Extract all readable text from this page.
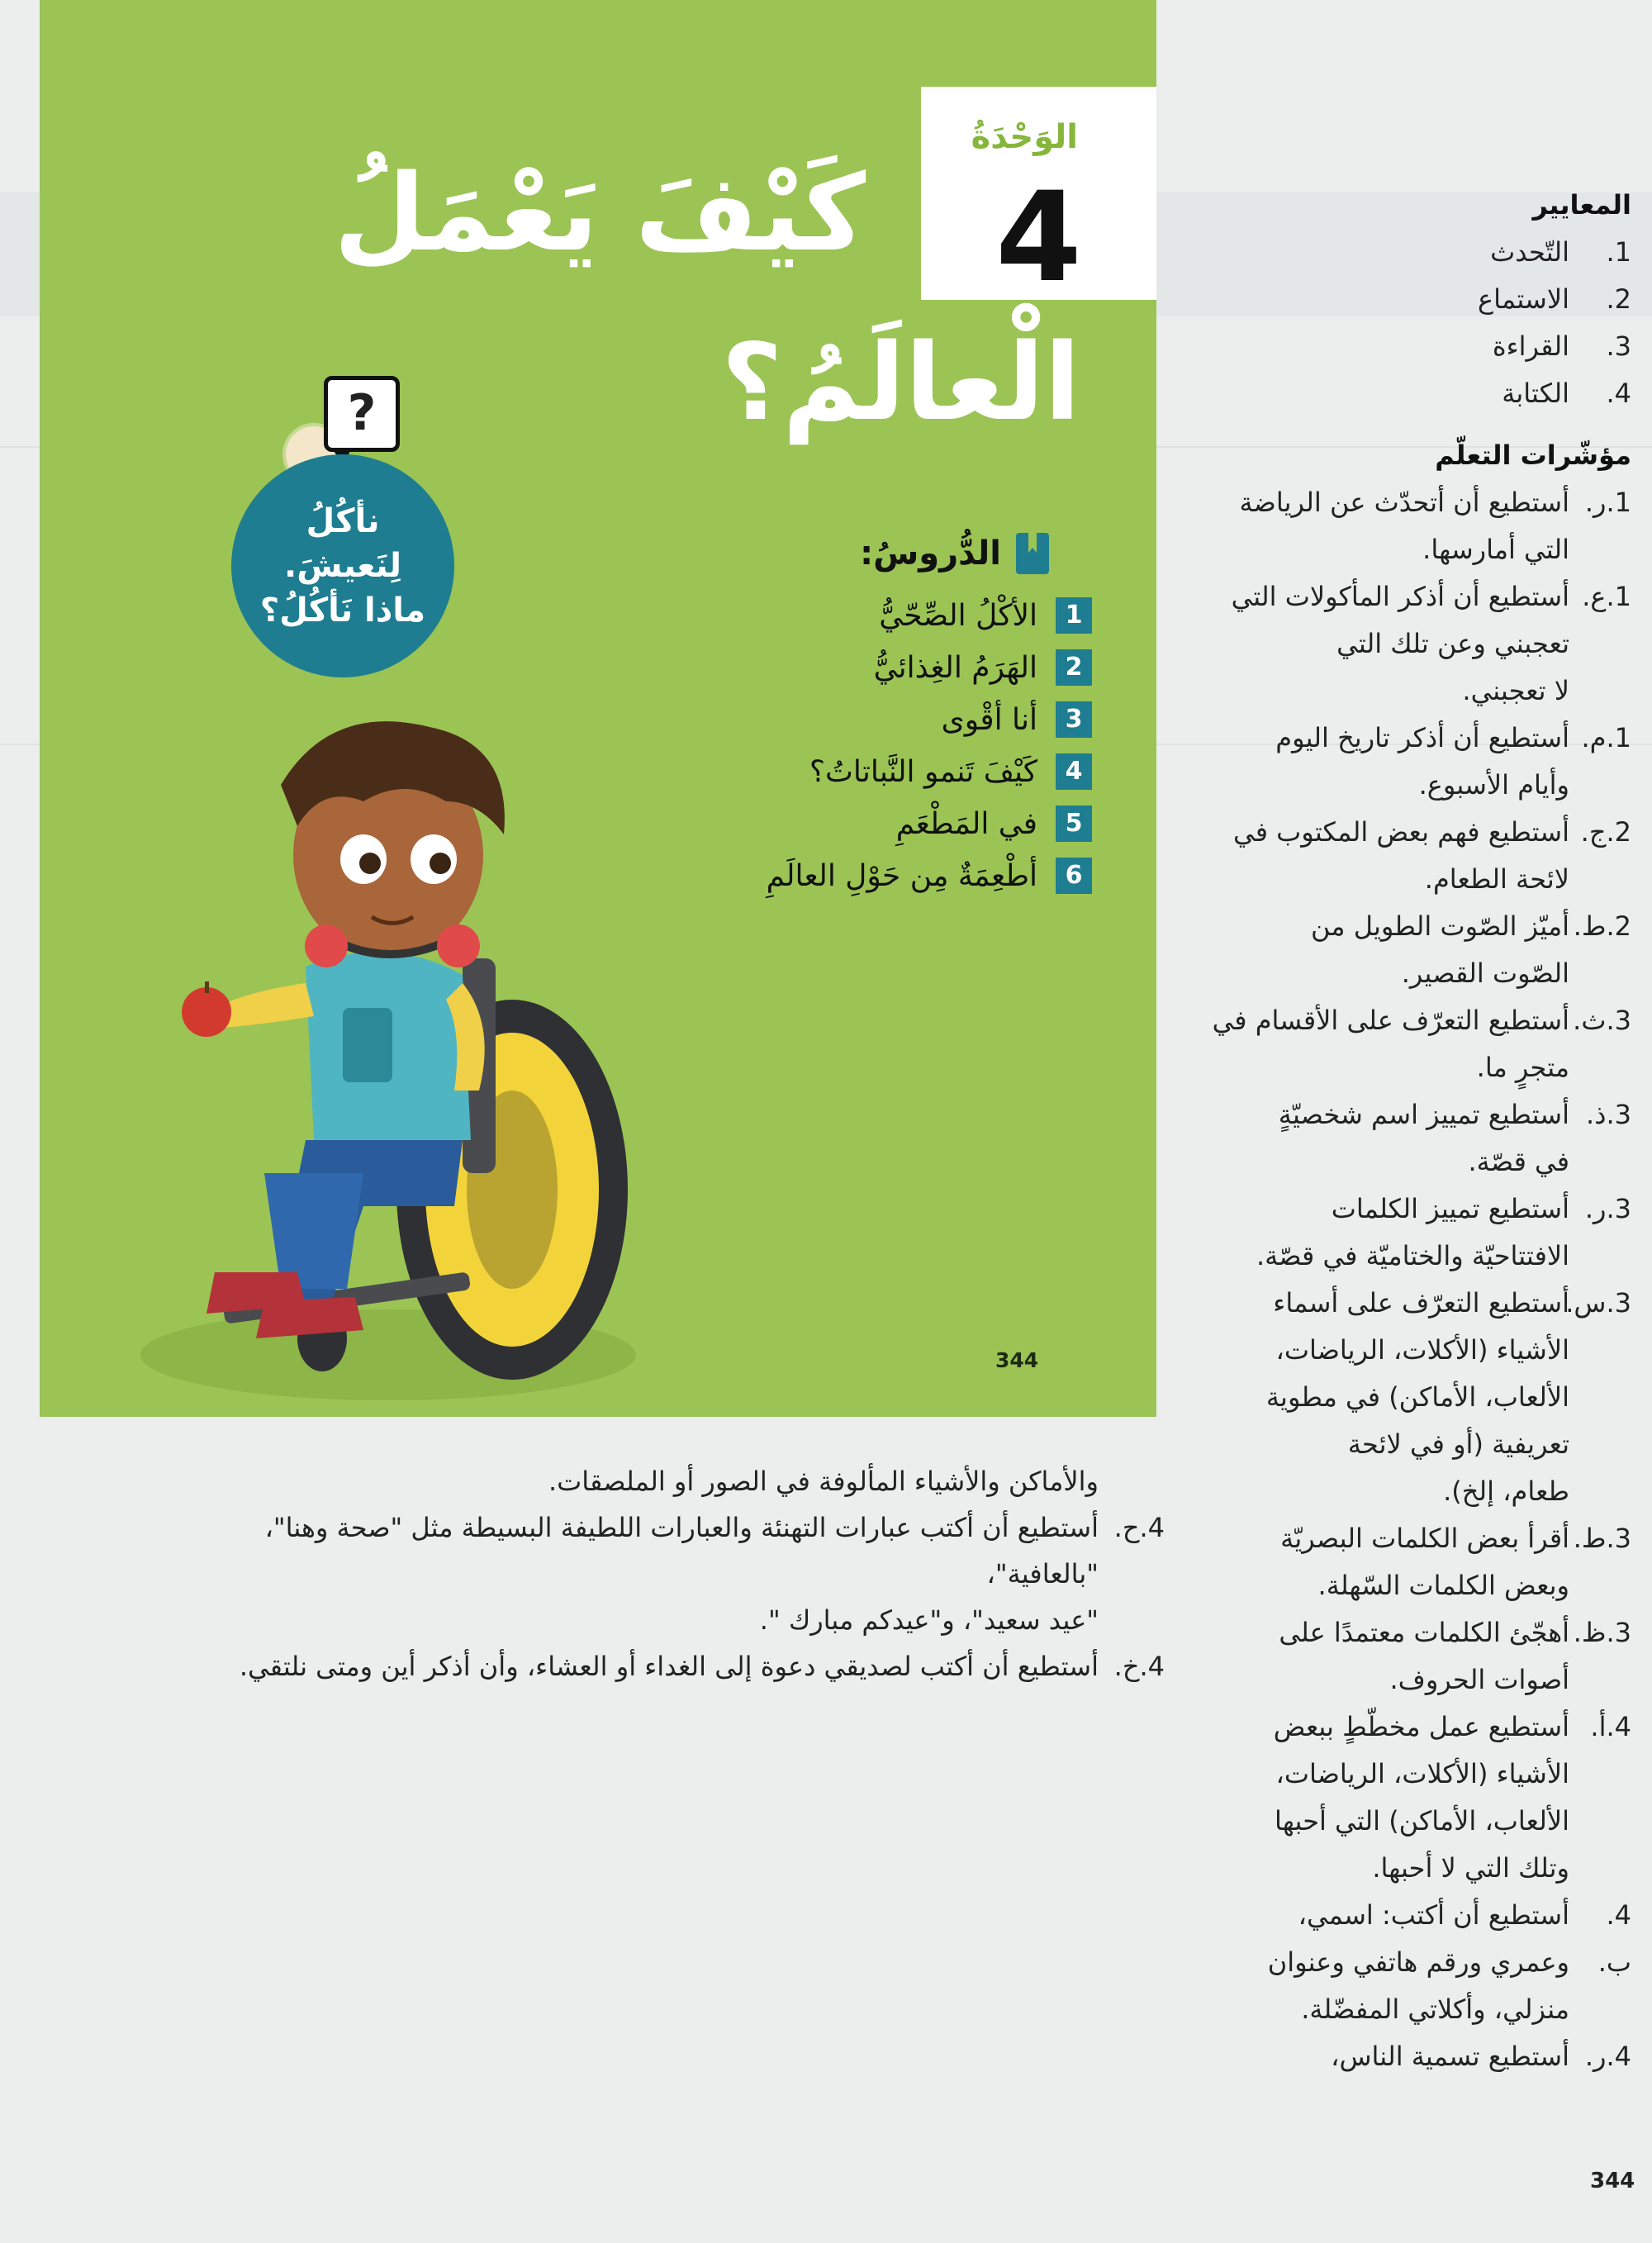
الوَحْدَةُ
4
كَيْفَ يَعْمَلُ
الْعالَمُ؟
?
نأكُلُ
لِنَعيشَ.
ماذا نَأكُلُ؟
الدُّروسُ:
1
الأكْلُ الصِّحّيُّ
2
الهَرَمُ الغِذائيُّ
3
أنا أقْوى
4
كَيْفَ تَنمو النَّباتاتُ؟
5
في المَطْعَمِ
6
أطْعِمَةٌ مِن حَوْلِ العالَمِ
344
المعايير
1.
التّحدث
2.
الاستماع
3.
القراءة
4.
الكتابة
مؤشّرات التعلّم
1.ر.
أستطيع أن أتحدّث عن الرياضة
التي أمارسها.
1.ع.
أستطيع أن أذكر المأكولات التي
تعجبني وعن تلك التي
لا تعجبني.
1.م.
أستطيع أن أذكر تاريخ اليوم
وأيام الأسبوع.
2.ج.
أستطيع فهم بعض المكتوب في
لائحة الطعام.
2.ط.
أميّز الصّوت الطويل من
الصّوت القصير.
3.ث.
أستطيع التعرّف على الأقسام في
متجرٍ ما.
3.ذ.
أستطيع تمييز اسم شخصيّةٍ
في قصّة.
3.ر.
أستطيع تمييز الكلمات
الافتتاحيّة والختاميّة في قصّة.
3.س.
أستطيع التعرّف على أسماء
الأشياء (الأكلات، الرياضات،
الألعاب، الأماكن) في مطوية
تعريفية (أو في لائحة
طعام، إلخ).
3.ط.
أقرأ بعض الكلمات البصريّة
وبعض الكلمات السّهلة.
3.ظ.
أهجّئ الكلمات معتمدًا على
أصوات الحروف.
4.أ.
أستطيع عمل مخطّطٍ ببعض
الأشياء (الأكلات، الرياضات،
الألعاب، الأماكن) التي أحبها
وتلك التي لا أحبها.
4. ب.
أستطيع أن أكتب: اسمي،
وعمري ورقم هاتفي وعنوان
منزلي، وأكلاتي المفضّلة.
4.ر.
أستطيع تسمية الناس،
والأماكن والأشياء المألوفة في الصور أو الملصقات.
4.ح.
أستطيع أن أكتب عبارات التهنئة والعبارات اللطيفة البسيطة مثل "صحة وهنا"، "بالعافية"،
"عيد سعيد"، و"عيدكم مبارك ".
4.خ.
أستطيع أن أكتب لصديقي دعوة إلى الغداء أو العشاء، وأن أذكر أين ومتى نلتقي.
344
